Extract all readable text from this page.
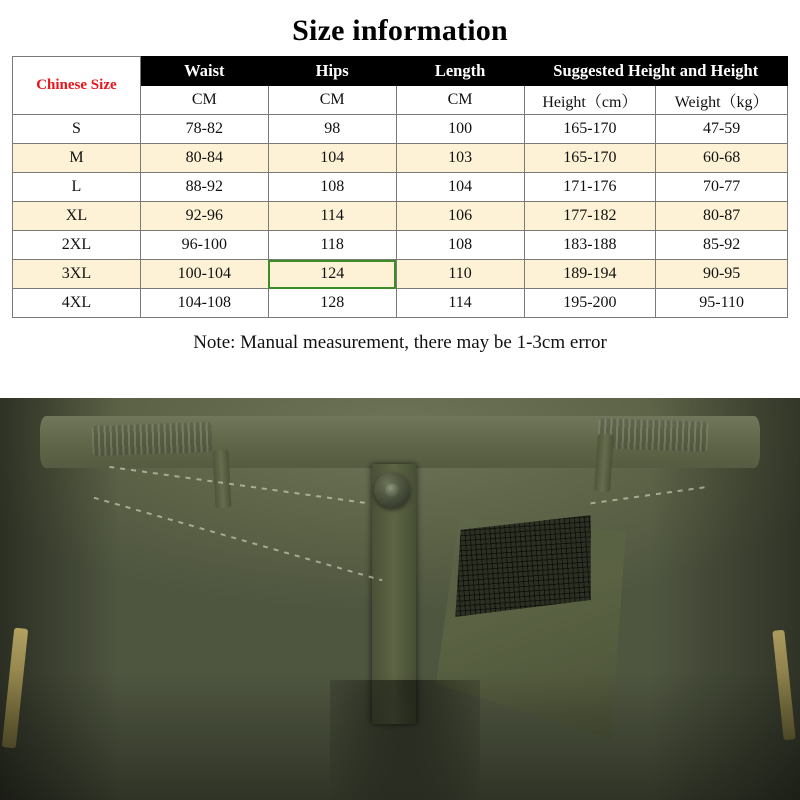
Size information
Chinese Size	Waist	Hips	Length	Suggested Height and Height	
	CM	CM	CM	Height（cm）	Weight（kg）
S	78-82	98	100	165-170	47-59
M	80-84	104	103	165-170	60-68
L	88-92	108	104	171-176	70-77
XL	92-96	114	106	177-182	80-87
2XL	96-100	118	108	183-188	85-92
3XL	100-104	124	110	189-194	90-95
4XL	104-108	128	114	195-200	95-110
Note: Manual measurement, there may be 1-3cm error
